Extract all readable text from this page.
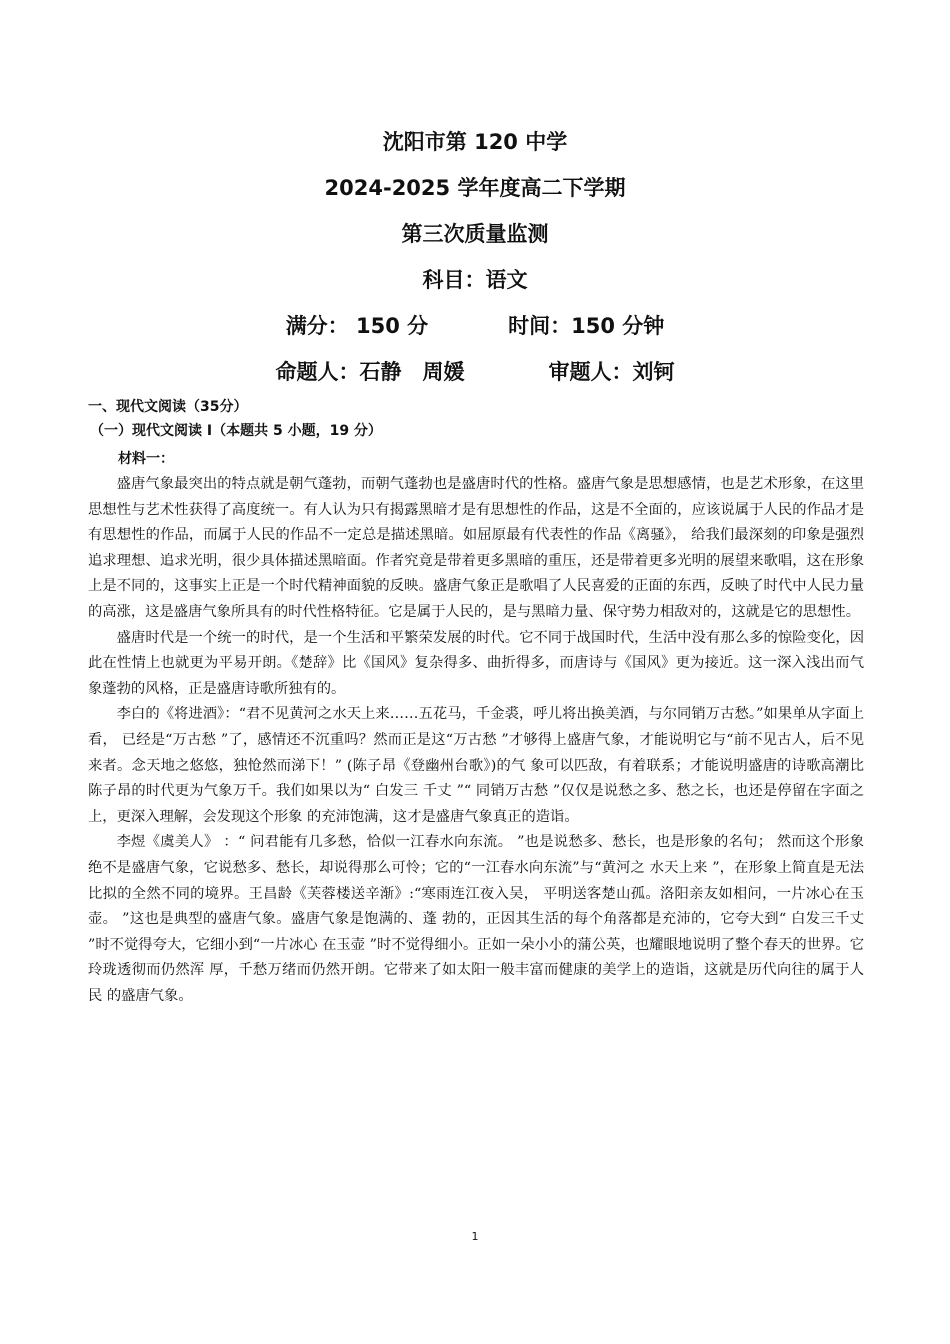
沈阳市第 120 中学
2024-2025 学年度高二下学期
第三次质量监测
科目：语文
满分： 150 分	时间：150 分钟
命题人：石静　周媛	审题人：刘钶
一、现代文阅读（35分）
（一）现代文阅读 Ⅰ（本题共 5 小题，19 分）
材料一：

盛唐气象最突出的特点就是朝气蓬勃，而朝气蓬勃也是盛唐时代的性格。盛唐气象是思想感情，也是艺术形象，在这里思想性与艺术性获得了高度统一。有人认为只有揭露黑暗才是有思想性的作品，这是不全面的，应该说属于人民的作品才是有思想性的作品，而属于人民的作品不一定总是描述黑暗。如屈原最有代表性的作品《离骚》， 给我们最深刻的印象是强烈追求理想、追求光明，很少具体描述黑暗面。作者究竟是带着更多黑暗的重压，还是带着更多光明的展望来歌唱，这在形象上是不同的，这事实上正是一个时代精神面貌的反映。盛唐气象正是歌唱了人民喜爱的正面的东西，反映了时代中人民力量的高涨，这是盛唐气象所具有的时代性格特征。它是属于人民的，是与黑暗力量、保守势力相敌对的，这就是它的思想性。

盛唐时代是一个统一的时代，是一个生活和平繁荣发展的时代。它不同于战国时代，生活中没有那么多的惊险变化，因此在性情上也就更为平易开朗。《楚辞》比《国风》复杂得多、曲折得多，而唐诗与《国风》更为接近。这一深入浅出而气象蓬勃的风格，正是盛唐诗歌所独有的。

李白的《将进酒》：“君不见黄河之水天上来……五花马，千金裘，呼儿将出换美酒，与尔同销万古愁。”如果单从字面上看， 已经是“万古愁 ”了，感情还不沉重吗？然而正是这“万古愁 ”才够得上盛唐气象，才能说明它与“前不见古人，后不见来者。念天地之悠悠，独怆然而涕下！” (陈子昂《登幽州台歌》)的气 象可以匹敌，有着联系；才能说明盛唐的诗歌高潮比陈子昂的时代更为气象万千。我们如果以为“ 白发三 千丈 ”“ 同销万古愁 ”仅仅是说愁之多、愁之长，也还是停留在字面之上，更深入理解，会发现这个形象 的充沛饱满，这才是盛唐气象真正的造诣。

李煜《虞美人》 ：“ 问君能有几多愁，恰似一江春水向东流。 ”也是说愁多、愁长，也是形象的名句； 然而这个形象绝不是盛唐气象，它说愁多、愁长，却说得那么可怜；它的“一江春水向东流”与“黄河之 水天上来 ”，在形象上简直是无法比拟的全然不同的境界。王昌龄《芙蓉楼送辛渐》:“寒雨连江夜入吴， 平明送客楚山孤。洛阳亲友如相问，一片冰心在玉壶。 ”这也是典型的盛唐气象。盛唐气象是饱满的、蓬 勃的，正因其生活的每个角落都是充沛的，它夸大到“ 白发三千丈 ”时不觉得夸大，它细小到“一片冰心 在玉壶 ”时不觉得细小。正如一朵小小的蒲公英，也耀眼地说明了整个春天的世界。它玲珑透彻而仍然浑 厚，千愁万绪而仍然开朗。它带来了如太阳一般丰富而健康的美学上的造诣，这就是历代向往的属于人民 的盛唐气象。

1
